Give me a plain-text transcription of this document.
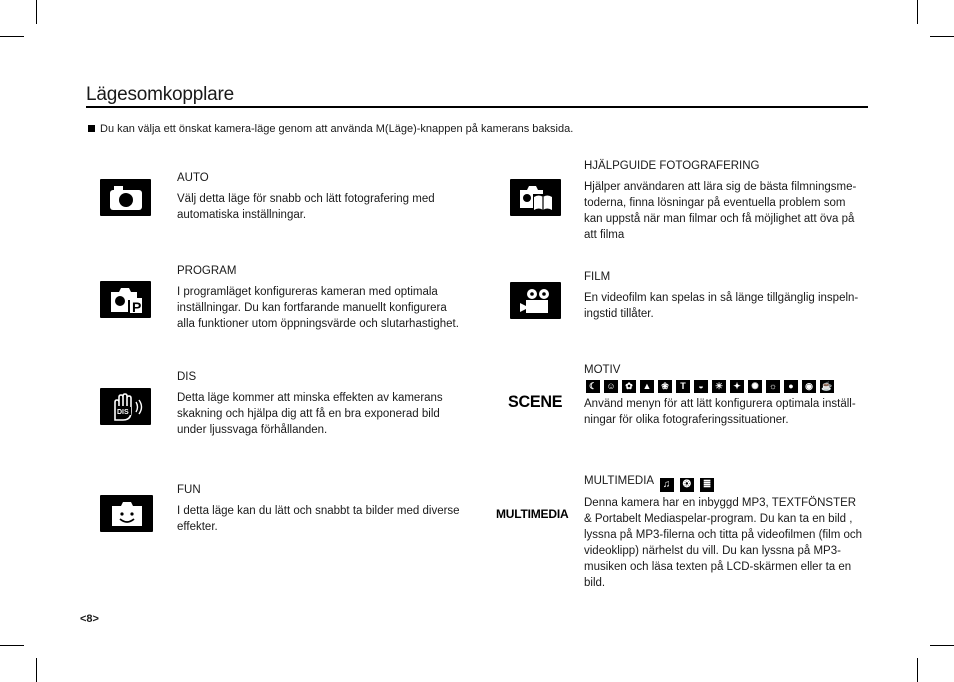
Lägesomkopplare
Du kan välja ett önskat kamera-läge genom att använda M(Läge)-knappen på kamerans baksida.
AUTO
Välj detta läge för snabb och lätt fotografering med automatiska inställningar.
P
PROGRAM
I programläget konfigureras kameran med optimala inställningar. Du kan fortfarande manuellt konfigurera alla funktioner utom öppningsvärde och slutarhastighet.
DIS
DIS
Detta läge kommer att minska effekten av kamerans skakning och hjälpa dig att få en bra exponerad bild under ljussvaga förhållanden.
FUN
I detta läge kan du lätt och snabbt ta bilder med diverse effekter.
HJÄLPGUIDE FOTOGRAFERING
Hjälper användaren att lära sig de bästa filmningsme-toderna, finna lösningar på eventuella problem som kan uppstå när man filmar och få möjlighet att öva på att filma
FILM
En videofilm kan spelas in så länge tillgänglig inspeln-ingstid tillåter.
SCENE
MOTIV
☾	☺	✿	▲	❀	T	◒	☀	✦	✺	☼	●	◉ ☕
Använd menyn för att lätt konfigurera optimala inställ-ningar för olika fotograferingssituationer.
MULTIMEDIA
MULTIMEDIA ♫ ❂ ≣
Denna kamera har en inbyggd MP3, TEXTFÖNSTER & Portabelt Mediaspelar-program. Du kan ta en bild , lyssna på MP3-filerna och titta på videofilmen (film och videoklipp) närhelst du vill. Du kan lyssna på MP3-musiken och läsa texten på LCD-skärmen eller ta en bild.
<8>
